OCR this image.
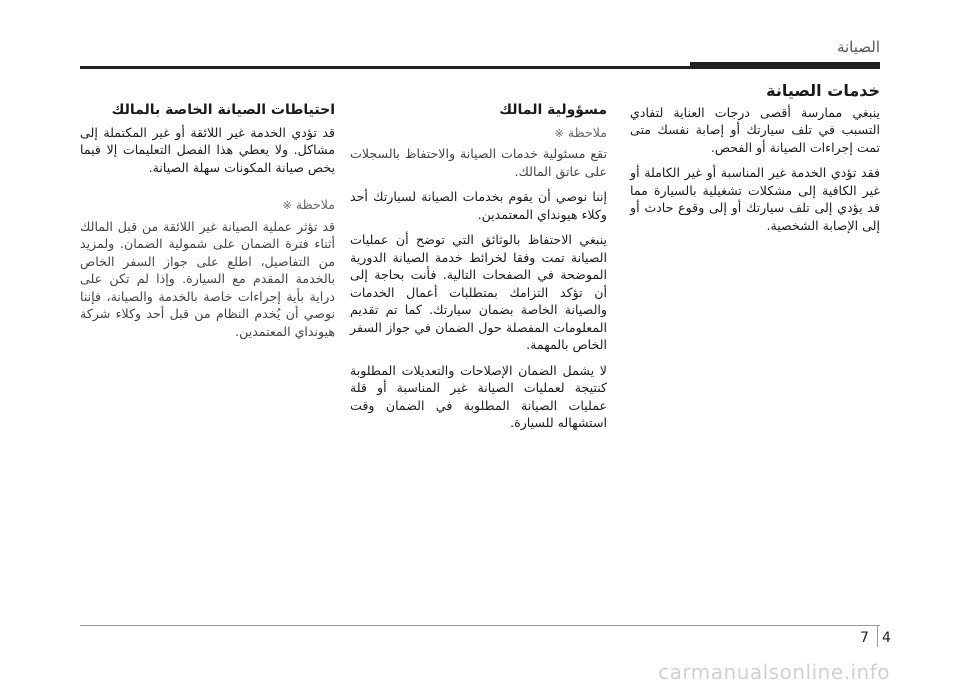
الصيانة
خدمات الصيانة

ينبغي ممارسة أقصى درجات العناية لتفادي التسبب في تلف سيارتك أو إصابة نفسك متى تمت إجراءات الصيانة أو الفحص.

فقد تؤدي الخدمة غير المناسبة أو غير الكاملة أو غير الكافية إلى مشكلات تشغيلية بالسيارة مما قد يؤدي إلى تلف سيارتك أو إلى وقوع حادث أو إلى الإصابة الشخصية.

مسؤولية المالك
ملاحظة ※

تقع مسئولية خدمات الصيانة والاحتفاظ بالسجلات على عاتق المالك.

إننا نوصي أن يقوم بخدمات الصيانة لسيارتك أحد وكلاء هيونداي المعتمدين.

ينبغي الاحتفاظ بالوثائق التي توضح أن عمليات الصيانة تمت وفقا لخرائط خدمة الصيانة الدورية الموضحة في الصفحات التالية. فأنت بحاجة إلى أن تؤكد التزامك بمتطلبات أعمال الخدمات والصيانة الخاصة بضمان سيارتك. كما تم تقديم المعلومات المفصلة حول الضمان في جواز السفر الخاص بالمهمة.

لا يشمل الضمان الإصلاحات والتعديلات المطلوبة كنتيجة لعمليات الصيانة غير المناسبة أو قلة عمليات الصيانة المطلوبة في الضمان وقت استشهاله للسيارة.

احتياطات الصيانة الخاصة بالمالك

قد تؤدي الخدمة غير اللائقة أو غير المكتملة إلى مشاكل. ولا يعطي هذا الفصل التعليمات إلا فيما يخص صيانة المكونات سهلة الصيانة.

ملاحظة ※

قد تؤثر عملية الصيانة غير اللائقة من قبل المالك أثناء فترة الضمان على شمولية الضمان. ولمزيد من التفاصيل، اطلع على جواز السفر الخاص بالخدمة المقدم مع السيارة. وإذا لم تكن على دراية بأية إجراءات خاصة بالخدمة والصيانة، فإننا نوصي أن يُخدم النظام من قبل أحد وكلاء شركة هيونداي المعتمدين.

7 4
carmanualsonline.info
